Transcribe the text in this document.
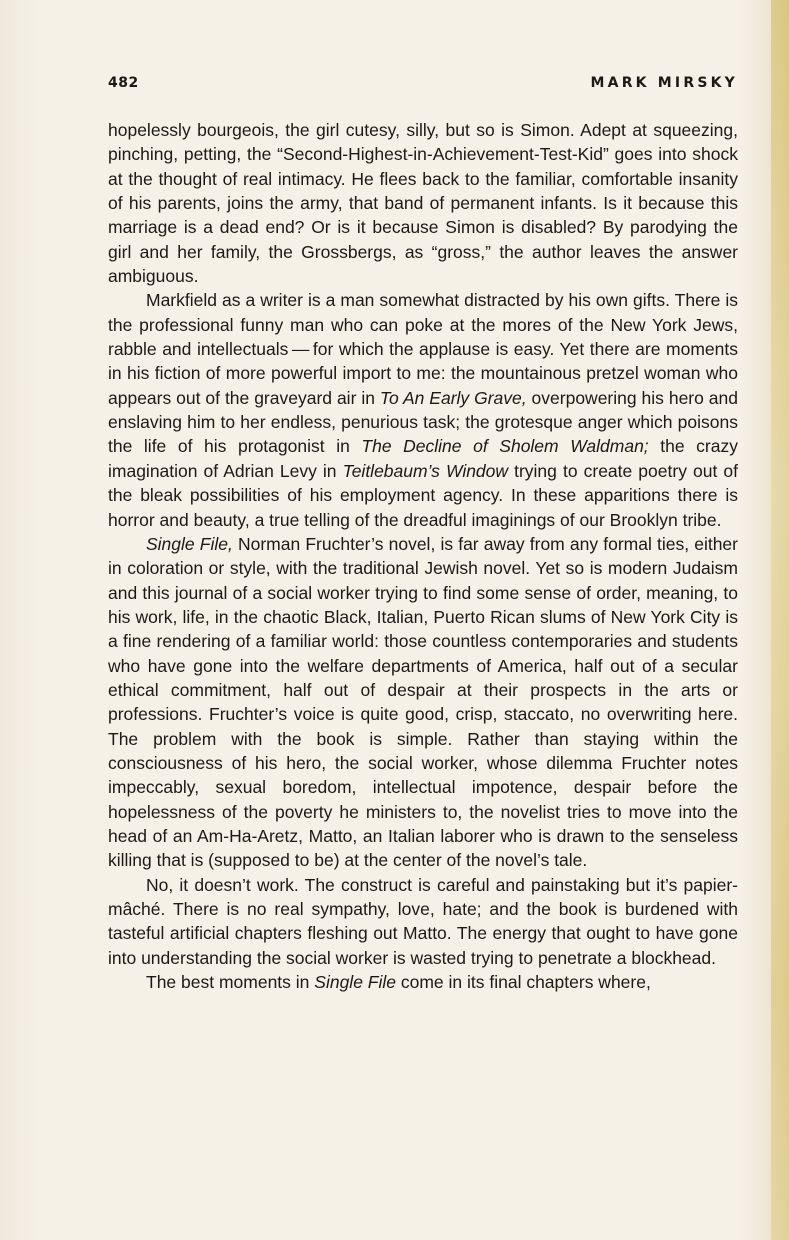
482	MARK MIRSKY

hopelessly bourgeois, the girl cutesy, silly, but so is Simon. Adept at squeezing, pinching, petting, the “Second-Highest-in-Achievement-Test-Kid” goes into shock at the thought of real intimacy. He flees back to the familiar, comfortable insanity of his parents, joins the army, that band of permanent infants. Is it because this marriage is a dead end? Or is it because Simon is disabled? By parodying the girl and her family, the Grossbergs, as “gross,” the author leaves the answer ambiguous.

Markfield as a writer is a man somewhat distracted by his own gifts. There is the professional funny man who can poke at the mores of the New York Jews, rabble and intellectuals — for which the applause is easy. Yet there are moments in his fiction of more powerful import to me: the mountainous pretzel woman who appears out of the graveyard air in To An Early Grave, overpowering his hero and enslaving him to her endless, penurious task; the grotesque anger which poisons the life of his protagonist in The Decline of Sholem Waldman; the crazy imagination of Adrian Levy in Teitlebaum’s Window trying to create poetry out of the bleak possibilities of his employment agency. In these apparitions there is horror and beauty, a true telling of the dreadful imaginings of our Brooklyn tribe.

Single File, Norman Fruchter’s novel, is far away from any formal ties, either in coloration or style, with the traditional Jewish novel. Yet so is modern Judaism and this journal of a social worker trying to find some sense of order, meaning, to his work, life, in the chaotic Black, Italian, Puerto Rican slums of New York City is a fine rendering of a familiar world: those countless contemporaries and students who have gone into the welfare departments of America, half out of a secular ethical commitment, half out of despair at their prospects in the arts or professions. Fruchter’s voice is quite good, crisp, staccato, no overwriting here. The problem with the book is simple. Rather than staying within the consciousness of his hero, the social worker, whose dilemma Fruchter notes impeccably, sexual boredom, intellectual impotence, despair before the hopelessness of the poverty he ministers to, the novelist tries to move into the head of an Am-Ha-Aretz, Matto, an Italian laborer who is drawn to the senseless killing that is (supposed to be) at the center of the novel’s tale.

No, it doesn’t work. The construct is careful and painstaking but it’s papier-mâché. There is no real sympathy, love, hate; and the book is burdened with tasteful artificial chapters fleshing out Matto. The energy that ought to have gone into understanding the social worker is wasted trying to penetrate a blockhead.

The best moments in Single File come in its final chapters where,
